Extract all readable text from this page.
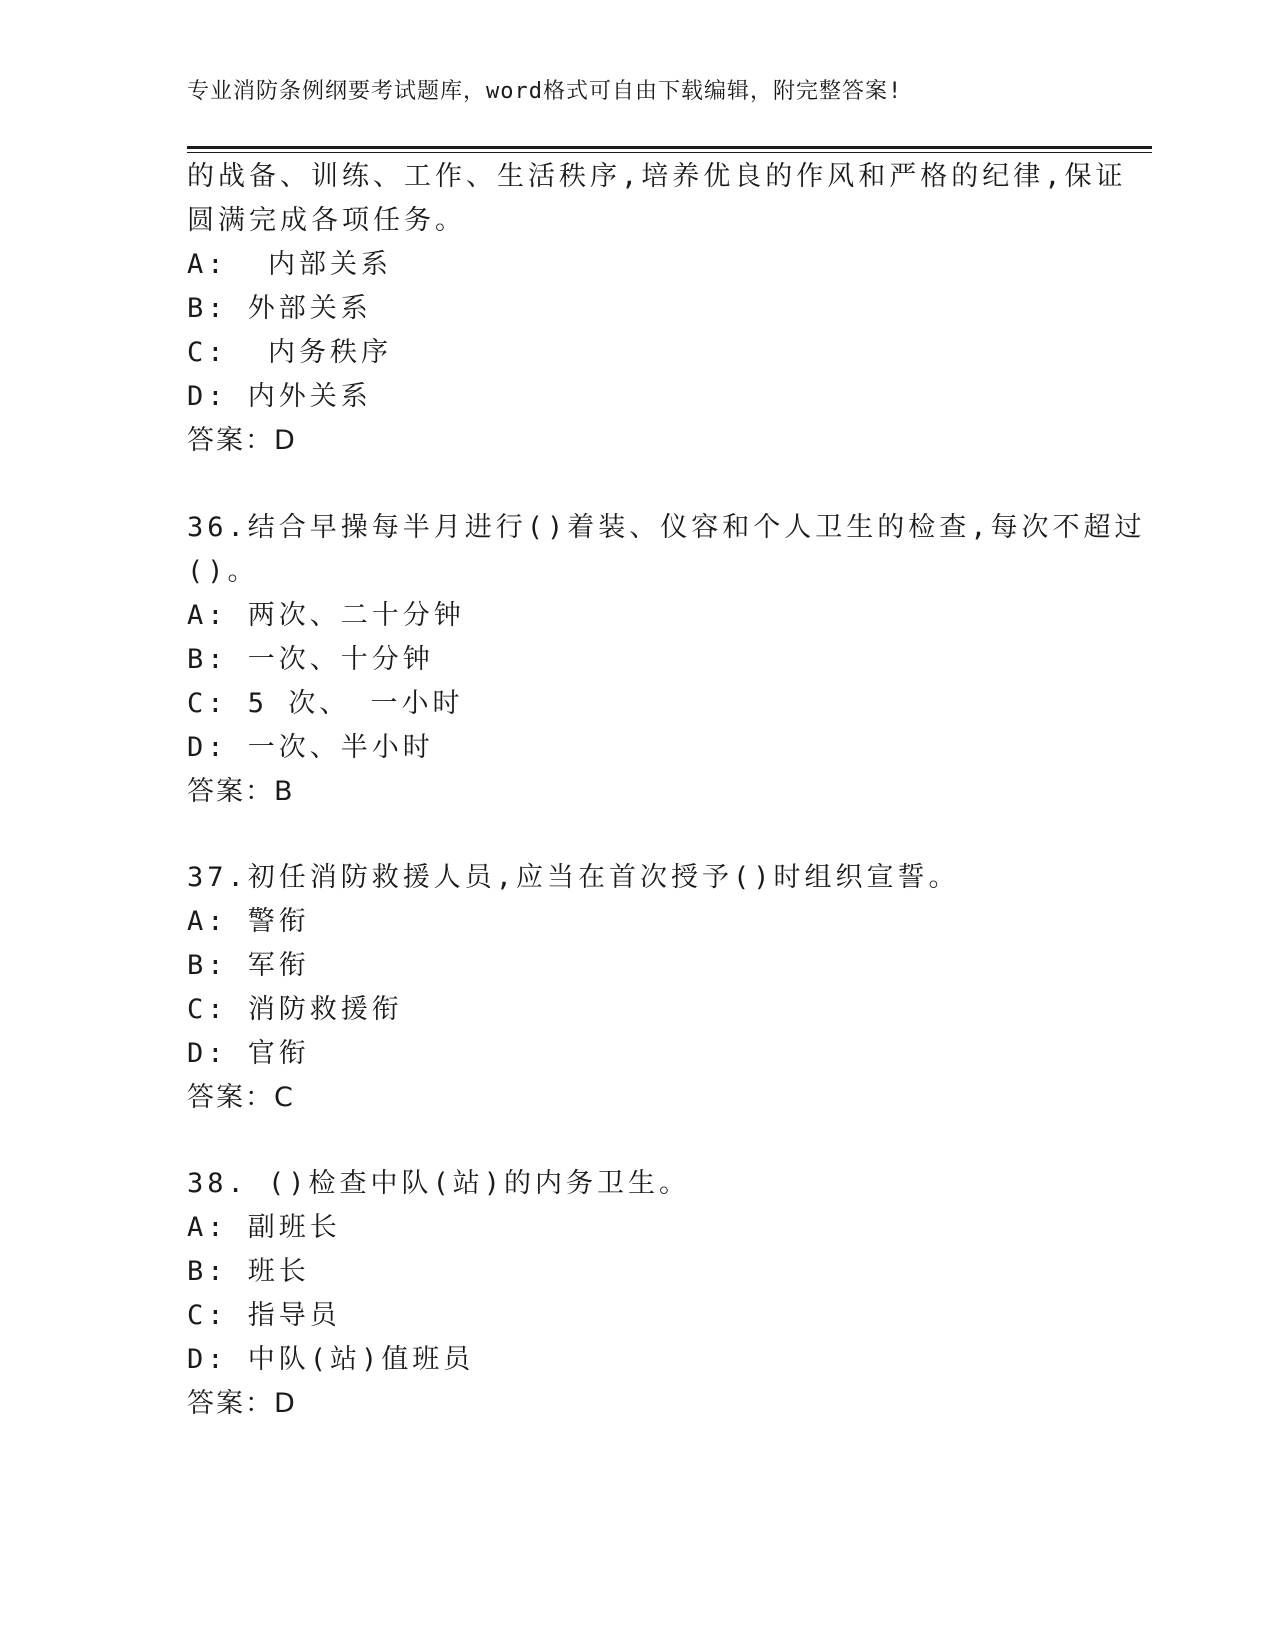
专业消防条例纲要考试题库，word格式可自由下载编辑，附完整答案!
的战备、训练、工作、生活秩序,培养优良的作风和严格的纪律,保证
圆满完成各项任务。
A:  内部关系
B: 外部关系
C:  内务秩序
D: 内外关系
答案：D
36.结合早操每半月进行()着装、仪容和个人卫生的检查,每次不超过
()。
A: 两次、二十分钟
B: 一次、十分钟
C: 5 次、 一小时
D: 一次、半小时
答案：B
37.初任消防救援人员,应当在首次授予()时组织宣誓。
A: 警衔
B: 军衔
C: 消防救援衔
D: 官衔
答案：C
38. ()检查中队(站)的内务卫生。
A: 副班长
B: 班长
C: 指导员
D: 中队(站)值班员
答案：D
